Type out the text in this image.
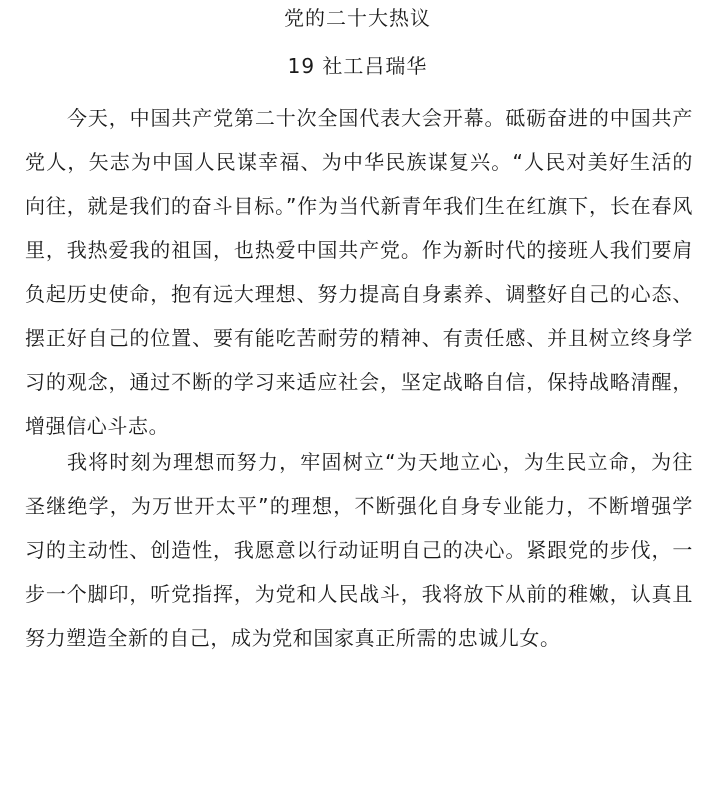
党的二十大热议
19 社工吕瑞华

今天，中国共产党第二十次全国代表大会开幕。砥砺奋进的中国共产党人，矢志为中国人民谋幸福、为中华民族谋复兴。“人民对美好生活的向往，就是我们的奋斗目标。”作为当代新青年我们生在红旗下，长在春风里，我热爱我的祖国，也热爱中国共产党。作为新时代的接班人我们要肩负起历史使命，抱有远大理想、努力提高自身素养、调整好自己的心态、摆正好自己的位置、要有能吃苦耐劳的精神、有责任感、并且树立终身学习的观念，通过不断的学习来适应社会，坚定战略自信，保持战略清醒，增强信心斗志。

我将时刻为理想而努力，牢固树立“为天地立心，为生民立命，为往圣继绝学，为万世开太平”的理想，不断强化自身专业能力，不断增强学习的主动性、创造性，我愿意以行动证明自己的决心。紧跟党的步伐，一步一个脚印，听党指挥，为党和人民战斗，我将放下从前的稚嫩，认真且努力塑造全新的自己，成为党和国家真正所需的忠诚儿女。
